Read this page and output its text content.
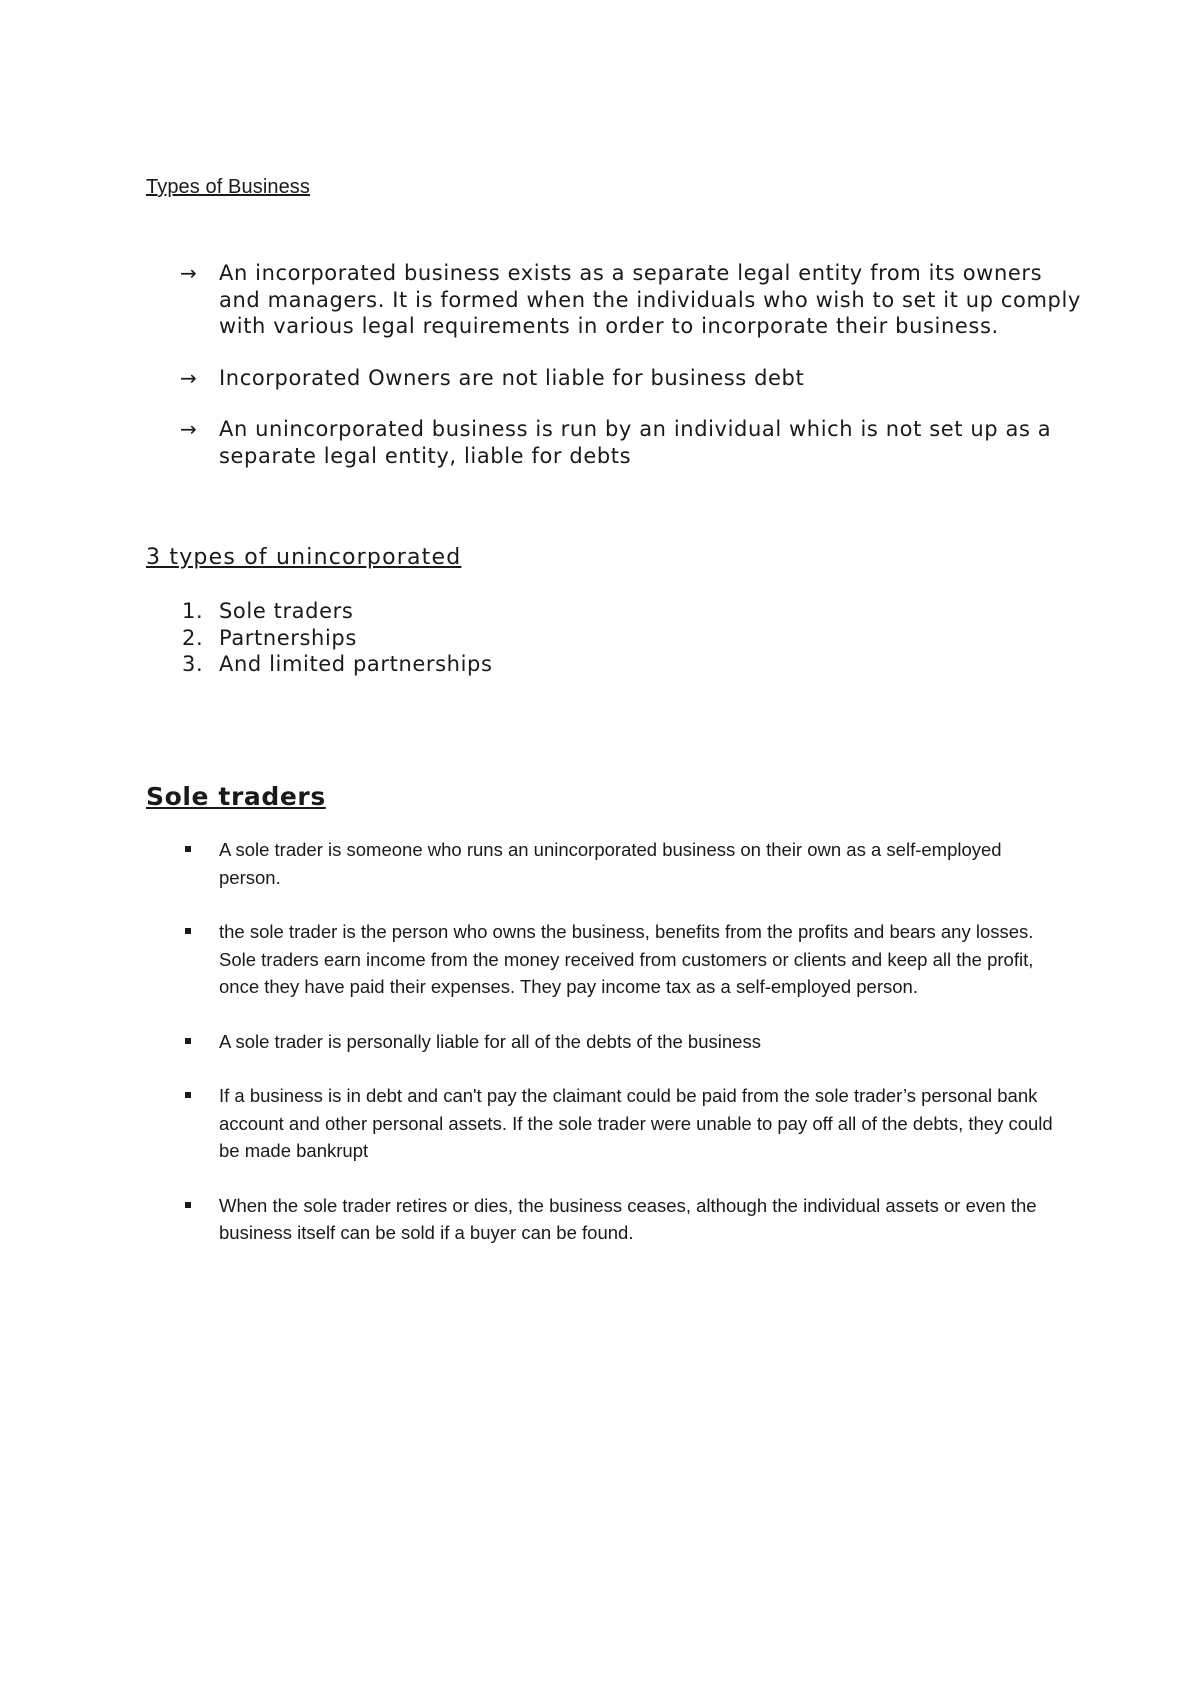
Types of Business
→ An incorporated business exists as a separate legal entity from its owners and managers. It is formed when the individuals who wish to set it up comply with various legal requirements in order to incorporate their business.
→ Incorporated Owners are not liable for business debt
→ An unincorporated business is run by an individual which is not set up as a separate legal entity, liable for debts
3 types of unincorporated
1. Sole traders
2. Partnerships
3. And limited partnerships
Sole traders
A sole trader is someone who runs an unincorporated business on their own as a self-employed person.
the sole trader is the person who owns the business, benefits from the profits and bears any losses. Sole traders earn income from the money received from customers or clients and keep all the profit, once they have paid their expenses. They pay income tax as a self-employed person.
A sole trader is personally liable for all of the debts of the business
If a business is in debt and can't pay the claimant could be paid from the sole trader’s personal bank account and other personal assets. If the sole trader were unable to pay off all of the debts, they could be made bankrupt
When the sole trader retires or dies, the business ceases, although the individual assets or even the business itself can be sold if a buyer can be found.
